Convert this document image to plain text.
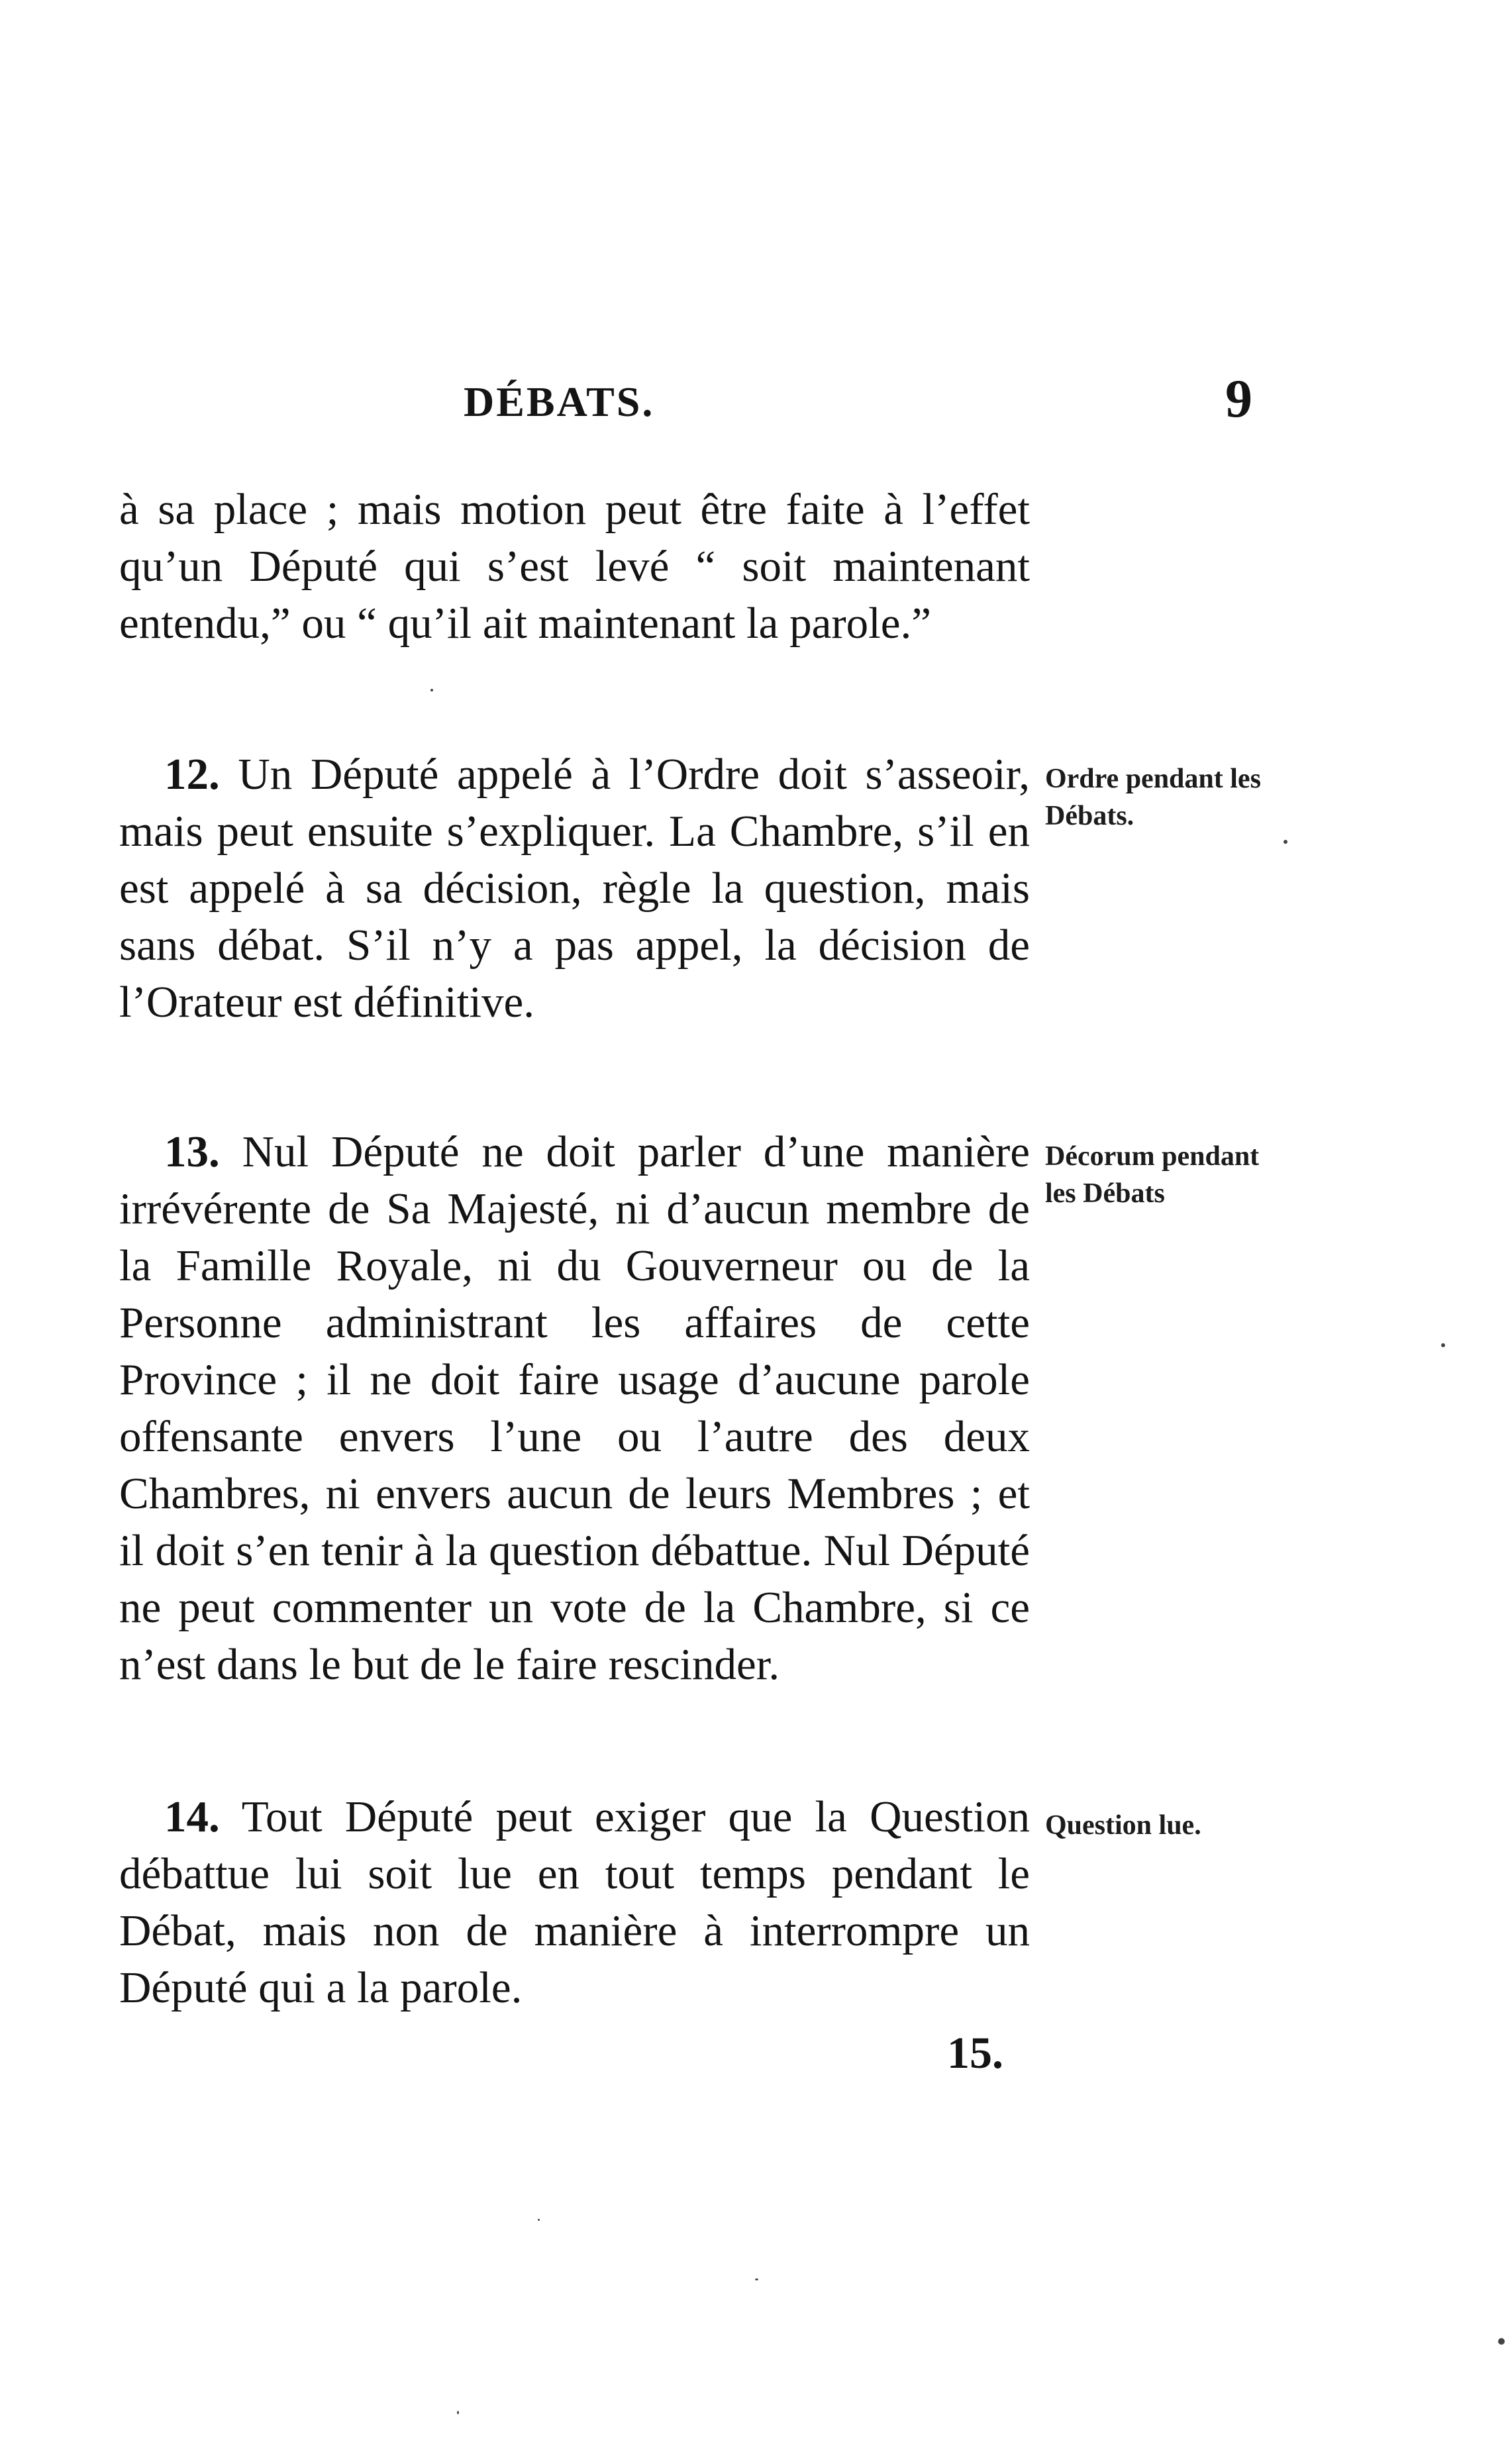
DÉBATS.	9

à sa place ; mais motion peut être faite à l’effet qu’un Député qui s’est levé “ soit maintenant entendu,” ou “ qu’il ait maintenant la parole.”

12. Un Député appelé à l’Ordre doit s’asseoir, mais peut ensuite s’expliquer. La Chambre, s’il en est appelé à sa décision, règle la question, mais sans débat. S’il n’y a pas appel, la décision de l’Orateur est définitive.

Ordre pendant les Débats.

13. Nul Député ne doit parler d’une manière irrévérente de Sa Majesté, ni d’aucun membre de la Famille Royale, ni du Gouverneur ou de la Personne administrant les affaires de cette Province ; il ne doit faire usage d’aucune parole offensante envers l’une ou l’autre des deux Chambres, ni envers aucun de leurs Membres ; et il doit s’en tenir à la question débattue. Nul Député ne peut commenter un vote de la Chambre, si ce n’est dans le but de le faire rescinder.

Décorum pendant les Débats

14. Tout Député peut exiger que la Question débattue lui soit lue en tout temps pendant le Débat, mais non de manière à interrompre un Député qui a la parole.

Question lue.
15.
